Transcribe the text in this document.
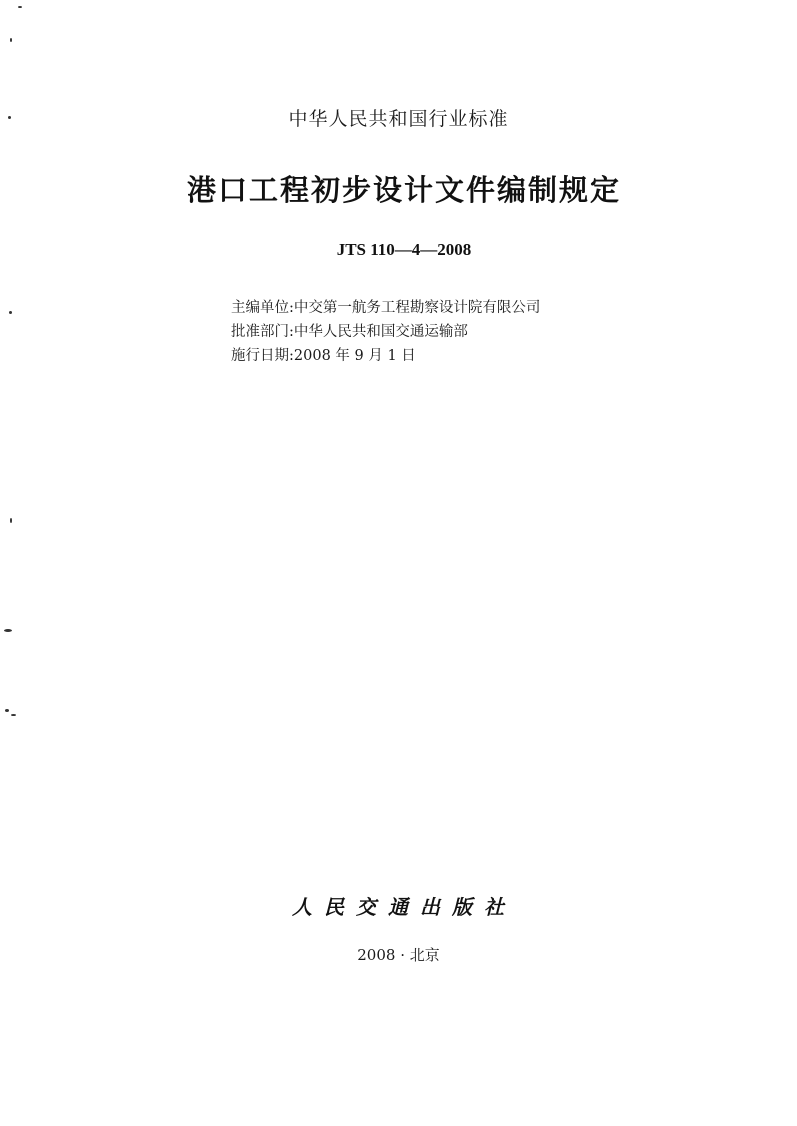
中华人民共和国行业标准
港口工程初步设计文件编制规定
JTS 110—4—2008
主编单位:中交第一航务工程勘察设计院有限公司
批准部门:中华人民共和国交通运输部
施行日期:2008 年 9 月 1 日
人民交通出版社
2008 · 北京
